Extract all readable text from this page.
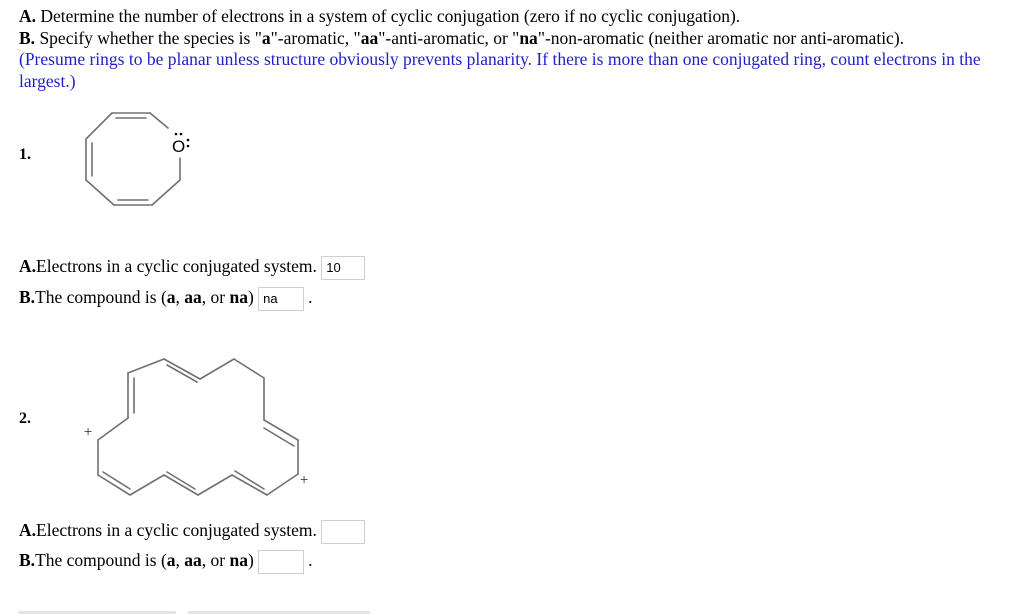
A. Determine the number of electrons in a system of cyclic conjugation (zero if no cyclic conjugation).
B. Specify whether the species is "a"-aromatic, "aa"-anti-aromatic, or "na"-non-aromatic (neither aromatic nor anti-aromatic).
(Presume rings to be planar unless structure obviously prevents planarity. If there is more than one conjugated ring, count electrons in the largest.)
1.	O
A.Electrons in a cyclic conjugated system. 10
B.The compound is (a, aa, or na) na .
2.
+
+
A.Electrons in a cyclic conjugated system.
B.The compound is (a, aa, or na)	.
